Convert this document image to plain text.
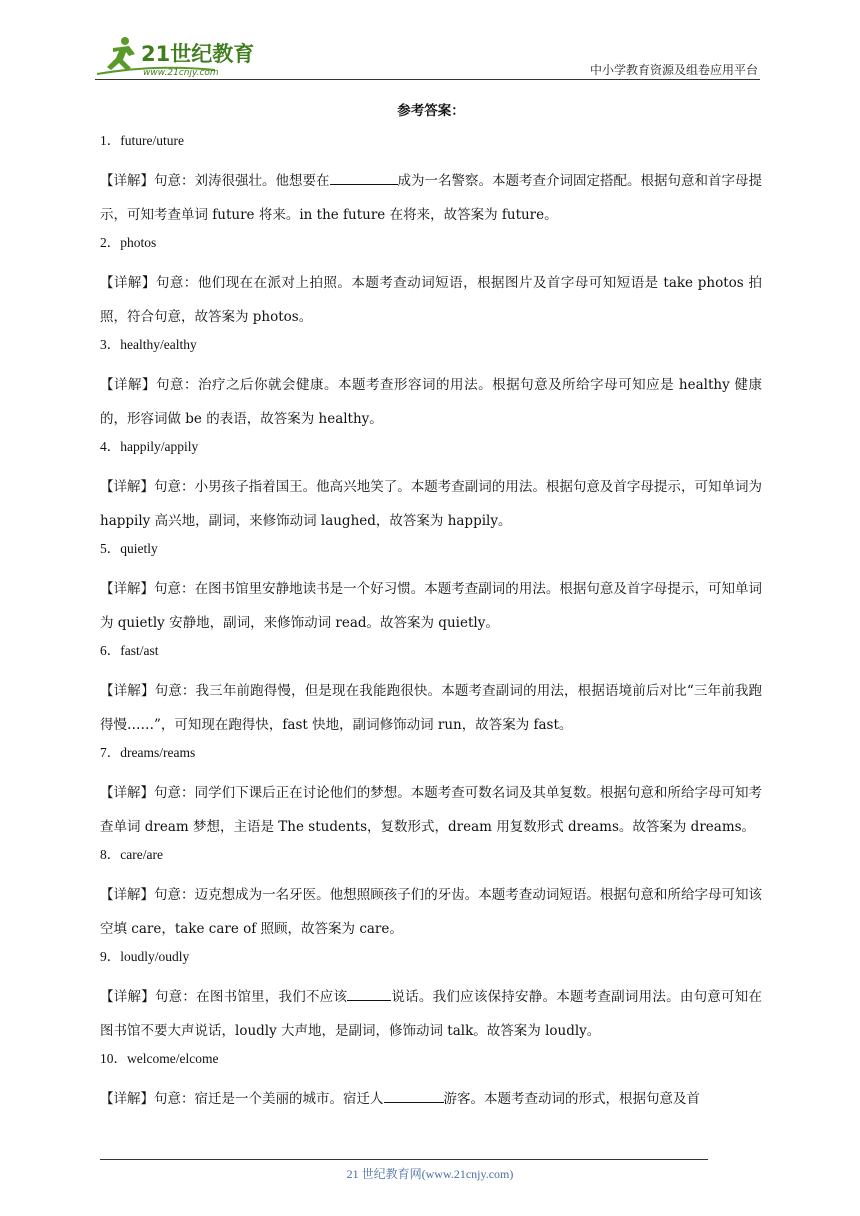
21世纪教育
www.21cnjy.com	中小学教育资源及组卷应用平台
参考答案：
1．future/uture
【详解】句意：刘涛很强壮。他想要在	成为一名警察。本题考查介词固定搭配。根据句意和首字母提示，可知考查单词 future 将来。in the future 在将来，故答案为 future。
2．photos
【详解】句意：他们现在在派对上拍照。本题考查动词短语，根据图片及首字母可知短语是 take photos 拍照，符合句意，故答案为 photos。
3．healthy/ealthy
【详解】句意：治疗之后你就会健康。本题考查形容词的用法。根据句意及所给字母可知应是 healthy 健康的，形容词做 be 的表语，故答案为 healthy。
4．happily/appily
【详解】句意：小男孩子指着国王。他高兴地笑了。本题考查副词的用法。根据句意及首字母提示，可知单词为 happily 高兴地，副词，来修饰动词 laughed，故答案为 happily。
5．quietly
【详解】句意：在图书馆里安静地读书是一个好习惯。本题考查副词的用法。根据句意及首字母提示，可知单词为 quietly 安静地，副词，来修饰动词 read。故答案为 quietly。
6．fast/ast
【详解】句意：我三年前跑得慢，但是现在我能跑很快。本题考查副词的用法，根据语境前后对比“三年前我跑得慢……”，可知现在跑得快，fast 快地，副词修饰动词 run，故答案为 fast。
7．dreams/reams
【详解】句意：同学们下课后正在讨论他们的梦想。本题考查可数名词及其单复数。根据句意和所给字母可知考查单词 dream 梦想，主语是 The students，复数形式，dream 用复数形式 dreams。故答案为 dreams。
8．care/are
【详解】句意：迈克想成为一名牙医。他想照顾孩子们的牙齿。本题考查动词短语。根据句意和所给字母可知该空填 care，take care of 照顾，故答案为 care。
9．loudly/oudly
【详解】句意：在图书馆里，我们不应该	说话。我们应该保持安静。本题考查副词用法。由句意可知在图书馆不要大声说话，loudly 大声地，是副词，修饰动词 talk。故答案为 loudly。
10．welcome/elcome
【详解】句意：宿迁是一个美丽的城市。宿迁人	游客。本题考查动词的形式，根据句意及首
21 世纪教育网(www.21cnjy.com)
